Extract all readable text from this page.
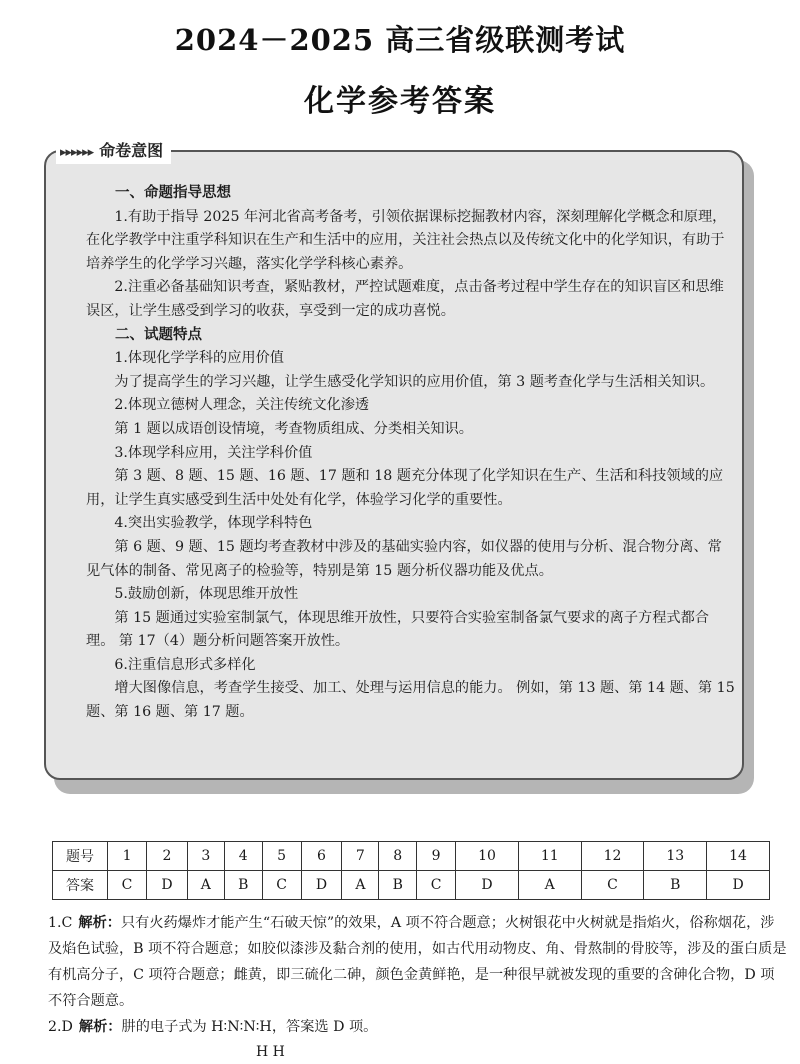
2024－2025 高三省级联测考试
化学参考答案
▸▸▸▸▸▸ 命卷意图

一、命题指导思想

1.有助于指导 2025 年河北省高考备考，引领依据课标挖掘教材内容，深刻理解化学概念和原理，在化学教学中注重学科知识在生产和生活中的应用，关注社会热点以及传统文化中的化学知识，有助于培养学生的化学学习兴趣，落实化学学科核心素养。

2.注重必备基础知识考查，紧贴教材，严控试题难度，点击备考过程中学生存在的知识盲区和思维误区，让学生感受到学习的收获，享受到一定的成功喜悦。

二、试题特点

1.体现化学学科的应用价值

为了提高学生的学习兴趣，让学生感受化学知识的应用价值，第 3 题考查化学与生活相关知识。

2.体现立德树人理念，关注传统文化渗透

第 1 题以成语创设情境，考查物质组成、分类相关知识。

3.体现学科应用，关注学科价值

第 3 题、8 题、15 题、16 题、17 题和 18 题充分体现了化学知识在生产、生活和科技领域的应用，让学生真实感受到生活中处处有化学，体验学习化学的重要性。

4.突出实验教学，体现学科特色

第 6 题、9 题、15 题均考查教材中涉及的基础实验内容，如仪器的使用与分析、混合物分离、常见气体的制备、常见离子的检验等，特别是第 15 题分析仪器功能及优点。

5.鼓励创新，体现思维开放性

第 15 题通过实验室制氯气，体现思维开放性，只要符合实验室制备氯气要求的离子方程式都合理。 第 17（4）题分析问题答案开放性。

6.注重信息形式多样化

增大图像信息，考查学生接受、加工、处理与运用信息的能力。 例如，第 13 题、第 14 题、第 15 题、第 16 题、第 17 题。

题号	1	2	3	4	5	6	7	8	9	10	11	12	13	14
答案	C	D	A	B	C	D	A	B	C	D	A	C	B	D
1.C 解析：只有火药爆炸才能产生“石破天惊”的效果，A 项不符合题意；火树银花中火树就是指焰火，俗称烟花，涉及焰色试验，B 项不符合题意；如胶似漆涉及黏合剂的使用，如古代用动物皮、角、骨熬制的骨胶等，涉及的蛋白质是有机高分子，C 项符合题意；雌黄，即三硫化二砷，颜色金黄鲜艳，是一种很早就被发现的重要的含砷化合物，D 项不符合题意。
2.D 解析：肼的电子式为 H∶N∶N∶H，答案选 D 项。
H H
